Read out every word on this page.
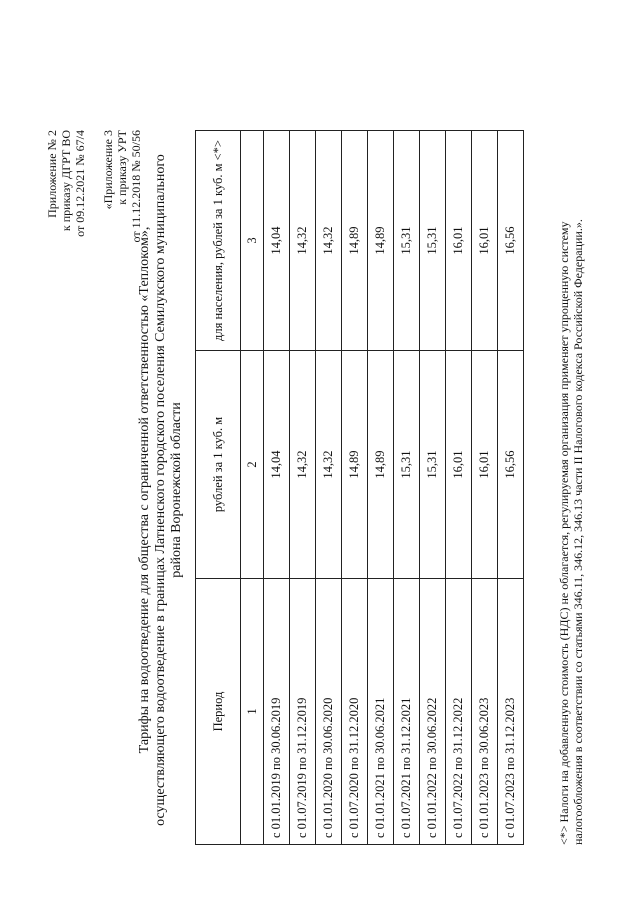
Приложение № 2 к приказу ДГРТ ВО от 09.12.2021 № 67/4 «Приложение 3 к приказу УРТ от 11.12.2018 № 50/56
Тарифы на водоотведение для общества с ограниченной ответственностью «Теплоком», осуществляющего водоотведение в границах Латненского городского поселения Семилукского муниципального района Воронежской области
Период	рублей за 1 куб. м	для населения, рублей за 1 куб. м <*>
1	2	3
с 01.01.2019 по 30.06.2019	14,04	14,04
с 01.07.2019 по 31.12.2019	14,32	14,32
с 01.01.2020 по 30.06.2020	14,32	14,32
с 01.07.2020 по 31.12.2020	14,89	14,89
с 01.01.2021 по 30.06.2021	14,89	14,89
с 01.07.2021 по 31.12.2021	15,31	15,31
с 01.01.2022 по 30.06.2022	15,31	15,31
с 01.07.2022 по 31.12.2022	16,01	16,01
с 01.01.2023 по 30.06.2023	16,01	16,01
с 01.07.2023 по 31.12.2023	16,56	16,56	<*> Налоги на добавленную стоимость (НДС) не облагается, регулируемая организация применяет упрощенную систему налогообложения в соответствии со статьями 346.11, 346.12, 346.13 части II Налогового кодекса Российской Федерации.».
